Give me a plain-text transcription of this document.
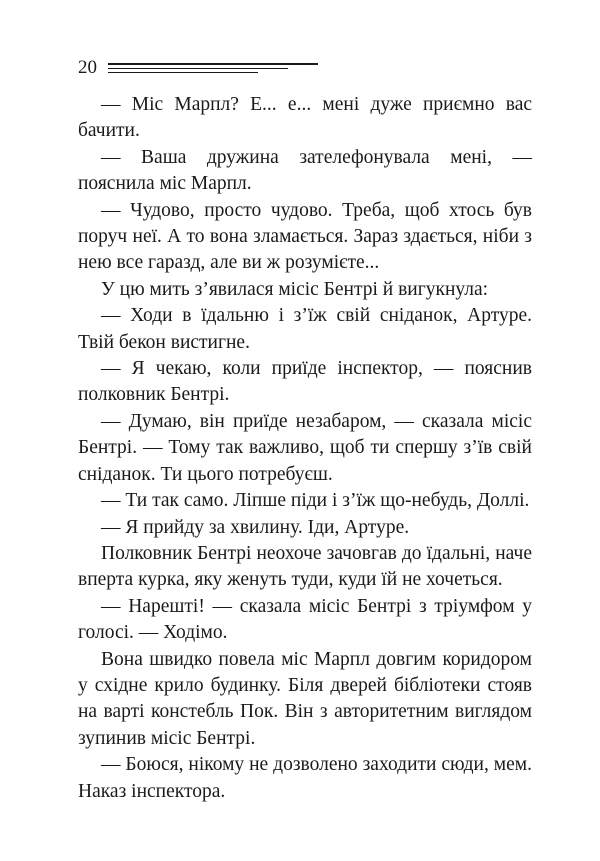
20

— Міс Марпл? Е... е... мені дуже приємно вас бачити.

— Ваша дружина зателефонувала мені, — пояснила міс Марпл.

— Чудово, просто чудово. Треба, щоб хтось був поруч неї. А то вона зламається. Зараз здається, ніби з нею все гаразд, але ви ж розумієте...

У цю мить з’явилася місіс Бентрі й вигукнула:

— Ходи в їдальню і з’їж свій сніданок, Артуре. Твій бекон вистигне.

— Я чекаю, коли приїде інспектор, — пояснив полковник Бентрі.

— Думаю, він приїде незабаром, — сказала місіс Бентрі. — Тому так важливо, щоб ти спершу з’їв свій сніданок. Ти цього потребуєш.

— Ти так само. Ліпше піди і з’їж що-небудь, Доллі.

— Я прийду за хвилину. Іди, Артуре.

Полковник Бентрі неохоче зачовгав до їдальні, наче вперта курка, яку женуть туди, куди їй не хочеться.

— Нарешті! — сказала місіс Бентрі з тріумфом у голосі. — Ходімо.

Вона швидко повела міс Марпл довгим коридором у східне крило будинку. Біля дверей бібліотеки стояв на варті констебль Пок. Він з авторитетним виглядом зупинив місіс Бентрі.

— Боюся, нікому не дозволено заходити сюди, мем. Наказ інспектора.
